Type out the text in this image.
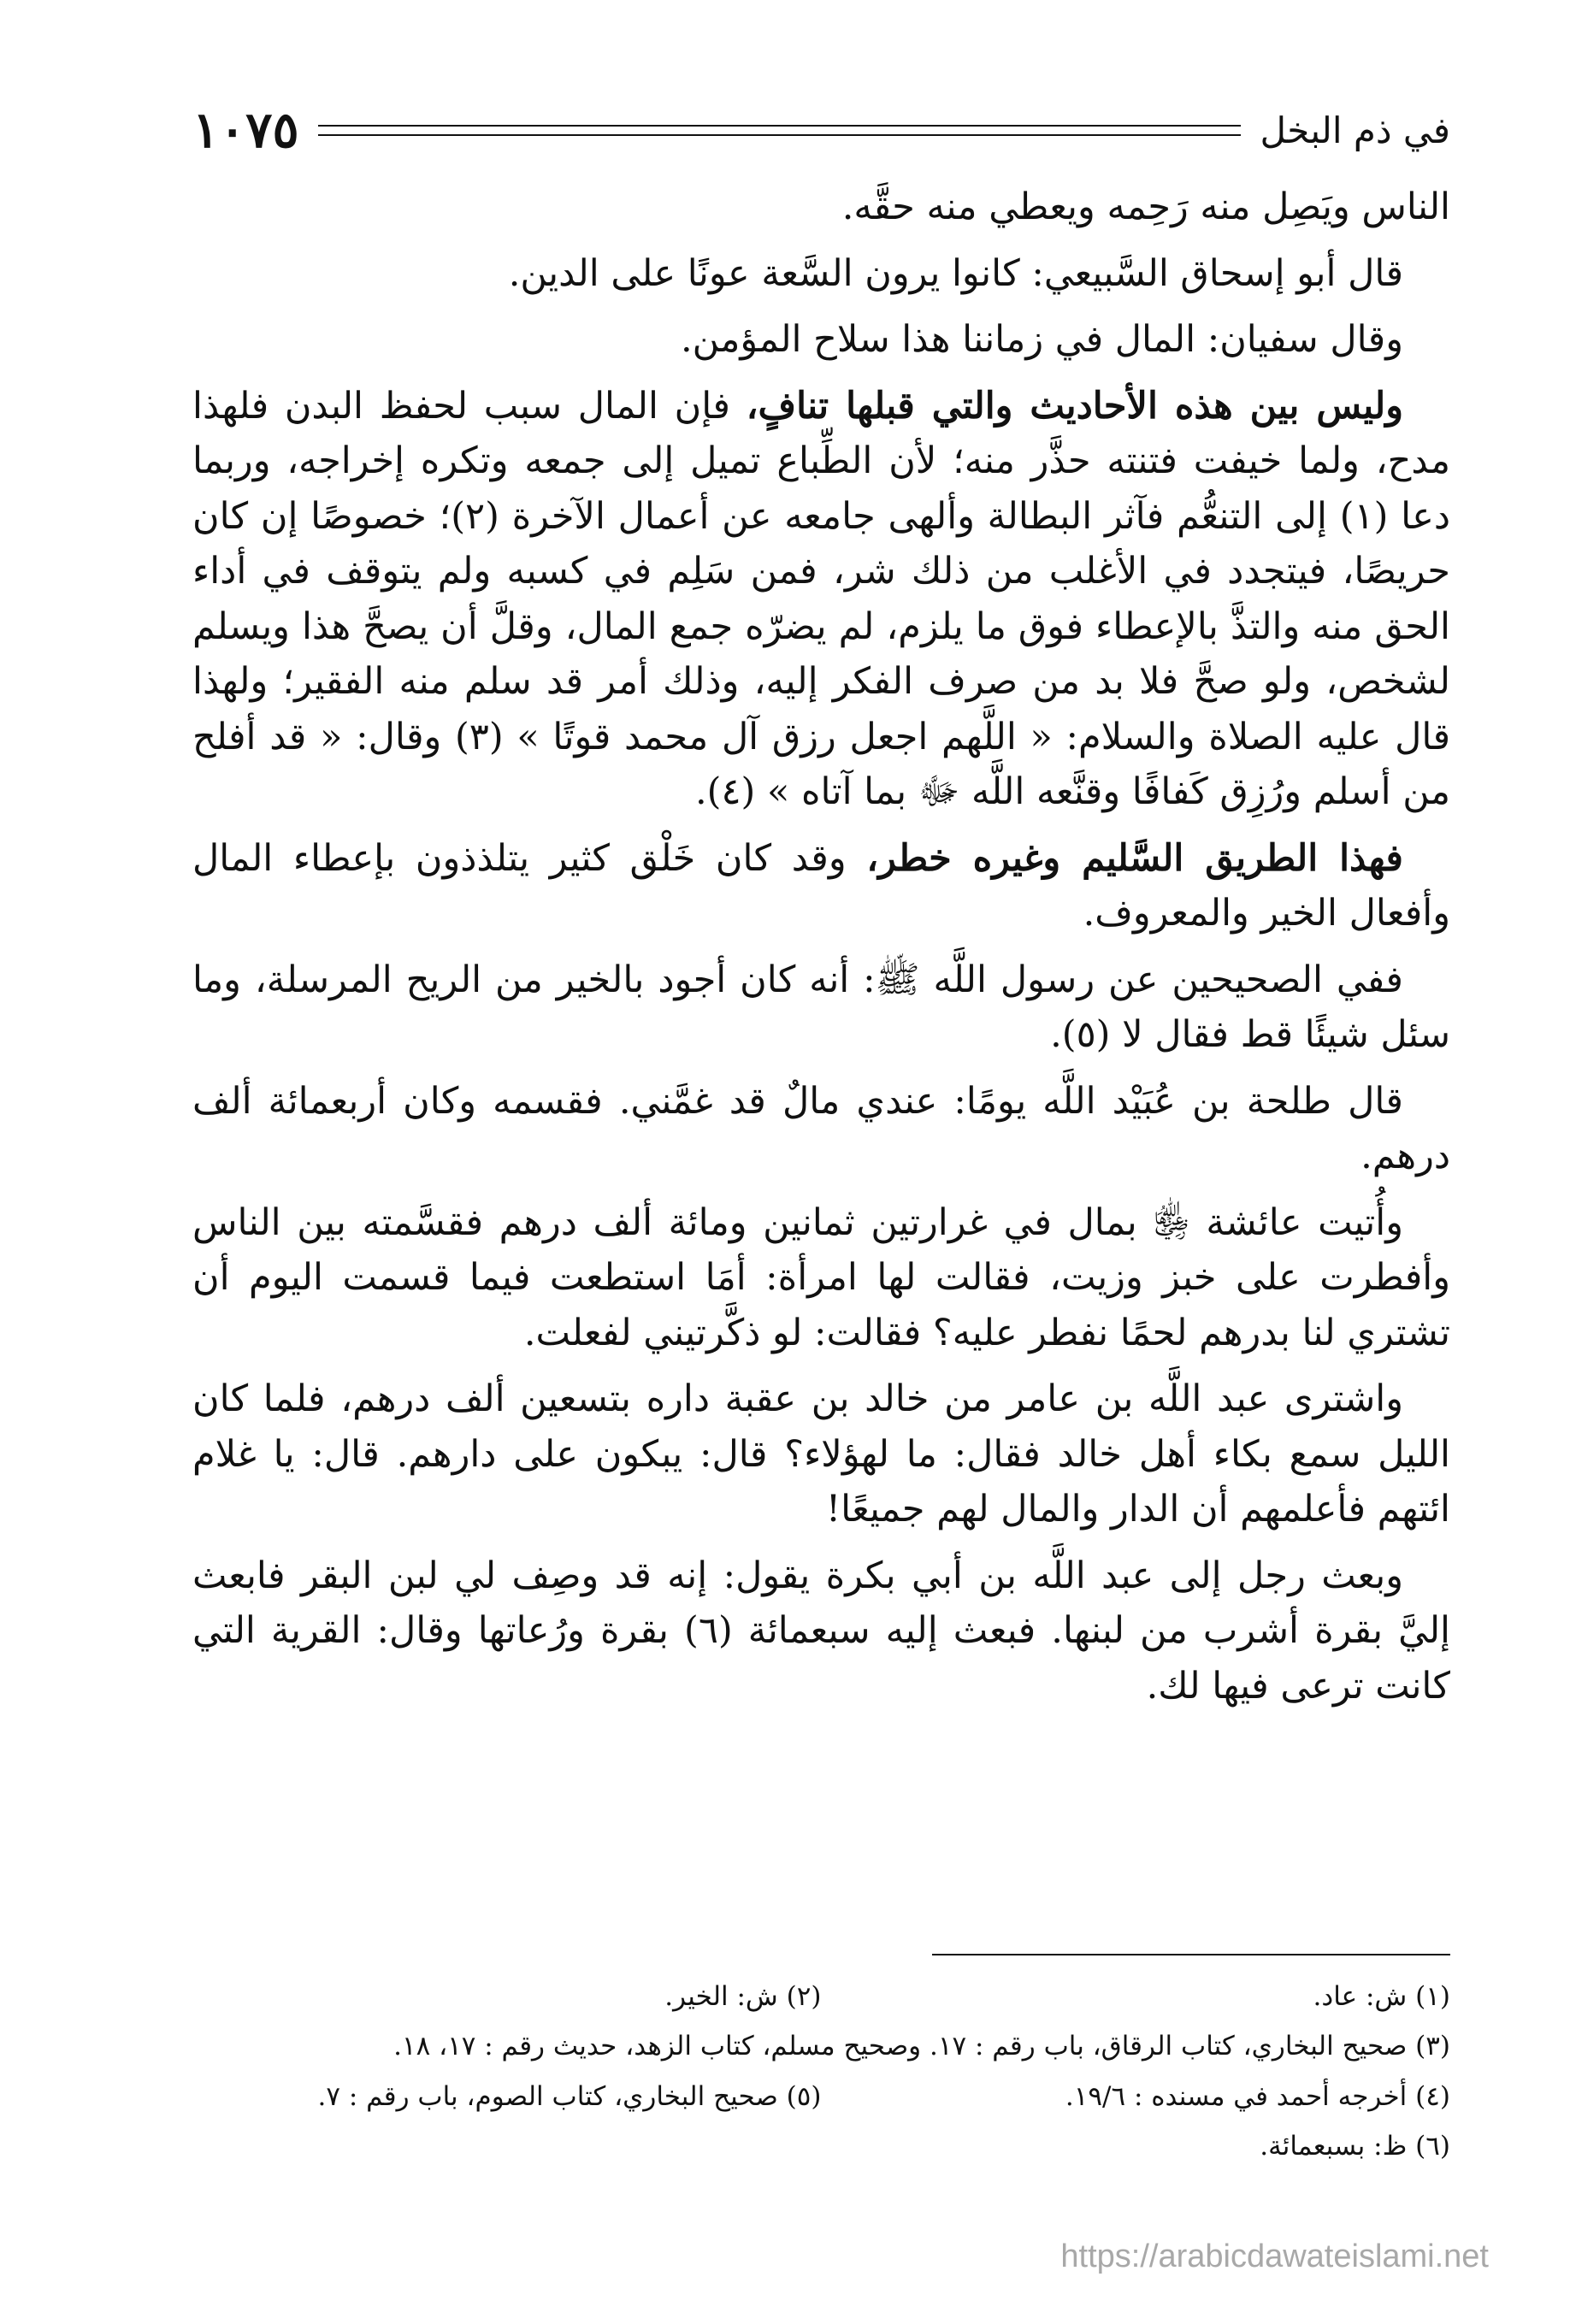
في ذم البخل
١٠٧٥

الناس ويَصِل منه رَحِمه ويعطي منه حقَّه.

قال أبو إسحاق السَّبيعي: كانوا يرون السَّعة عونًا على الدين.

وقال سفيان: المال في زماننا هذا سلاح المؤمن.

وليس بين هذه الأحاديث والتي قبلها تنافٍ، فإن المال سبب لحفظ البدن فلهذا مدح، ولما خيفت فتنته حذَّر منه؛ لأن الطِّباع تميل إلى جمعه وتكره إخراجه، وربما دعا (١) إلى التنعُّم فآثر البطالة وألهى جامعه عن أعمال الآخرة (٢)؛ خصوصًا إن كان حريصًا، فيتجدد في الأغلب من ذلك شر، فمن سَلِم في كسبه ولم يتوقف في أداء الحق منه والتذَّ بالإعطاء فوق ما يلزم، لم يضرّه جمع المال، وقلَّ أن يصحَّ هذا ويسلم لشخص، ولو صحَّ فلا بد من صرف الفكر إليه، وذلك أمر قد سلم منه الفقير؛ ولهذا قال عليه الصلاة والسلام: « اللَّهم اجعل رزق آل محمد قوتًا » (٣) وقال: « قد أفلح من أسلم ورُزِق كَفافًا وقنَّعه اللَّه ﷻ بما آتاه » (٤).

فهذا الطريق السَّليم وغيره خطر، وقد كان خَلْق كثير يتلذذون بإعطاء المال وأفعال الخير والمعروف.

ففي الصحيحين عن رسول اللَّه ﷺ: أنه كان أجود بالخير من الريح المرسلة، وما سئل شيئًا قط فقال لا (٥).

قال طلحة بن عُبَيْد اللَّه يومًا: عندي مالٌ قد غمَّني. فقسمه وكان أربعمائة ألف درهم.

وأُتيت عائشة ﵂ بمال في غرارتين ثمانين ومائة ألف درهم فقسَّمته بين الناس وأفطرت على خبز وزيت، فقالت لها امرأة: أمَا استطعت فيما قسمت اليوم أن تشتري لنا بدرهم لحمًا نفطر عليه؟ فقالت: لو ذكَّرتيني لفعلت.

واشترى عبد اللَّه بن عامر من خالد بن عقبة داره بتسعين ألف درهم، فلما كان الليل سمع بكاء أهل خالد فقال: ما لهؤلاء؟ قال: يبكون على دارهم. قال: يا غلام ائتهم فأعلمهم أن الدار والمال لهم جميعًا!

وبعث رجل إلى عبد اللَّه بن أبي بكرة يقول: إنه قد وصِف لي لبن البقر فابعث إليَّ بقرة أشرب من لبنها. فبعث إليه سبعمائة (٦) بقرة ورُعاتها وقال: القرية التي كانت ترعى فيها لك.

(١) ش: عاد.
(٢) ش: الخير.
(٣) صحيح البخاري، كتاب الرقاق، باب رقم : ١٧. وصحيح مسلم، كتاب الزهد، حديث رقم : ١٧، ١٨.
(٤) أخرجه أحمد في مسنده : ١٩/٦.
(٥) صحيح البخاري، كتاب الصوم، باب رقم : ٧.
(٦) ظ: بسبعمائة.
https://arabicdawateislami.net
